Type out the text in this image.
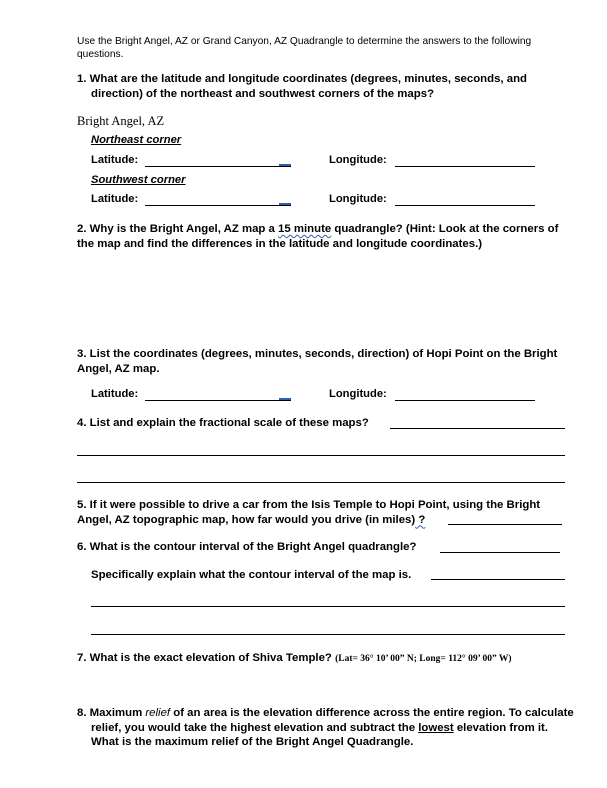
Use the Bright Angel, AZ or Grand Canyon, AZ Quadrangle to determine the answers to the following questions.
1. What are the latitude and longitude coordinates (degrees, minutes, seconds, and direction) of the northeast and southwest corners of the maps?
Bright Angel, AZ
Northeast corner
Latitude:	Longitude:
Southwest corner
Latitude:	Longitude:
2. Why is the Bright Angel, AZ map a 15 minute quadrangle? (Hint: Look at the corners of the map and find the differences in the latitude and longitude coordinates.)
3. List the coordinates (degrees, minutes, seconds, direction) of Hopi Point on the Bright Angel, AZ map.
Latitude:	Longitude:
4. List and explain the fractional scale of these maps?
5. If it were possible to drive a car from the Isis Temple to Hopi Point, using the Bright Angel, AZ topographic map, how far would you drive (in miles) ?
6. What is the contour interval of the Bright Angel quadrangle?
Specifically explain what the contour interval of the map is.
7. What is the exact elevation of Shiva Temple? (Lat= 36° 10’ 00” N; Long= 112° 09’ 00” W)
8. Maximum relief of an area is the elevation difference across the entire region. To calculate relief, you would take the highest elevation and subtract the lowest elevation from it. What is the maximum relief of the Bright Angel Quadrangle.
